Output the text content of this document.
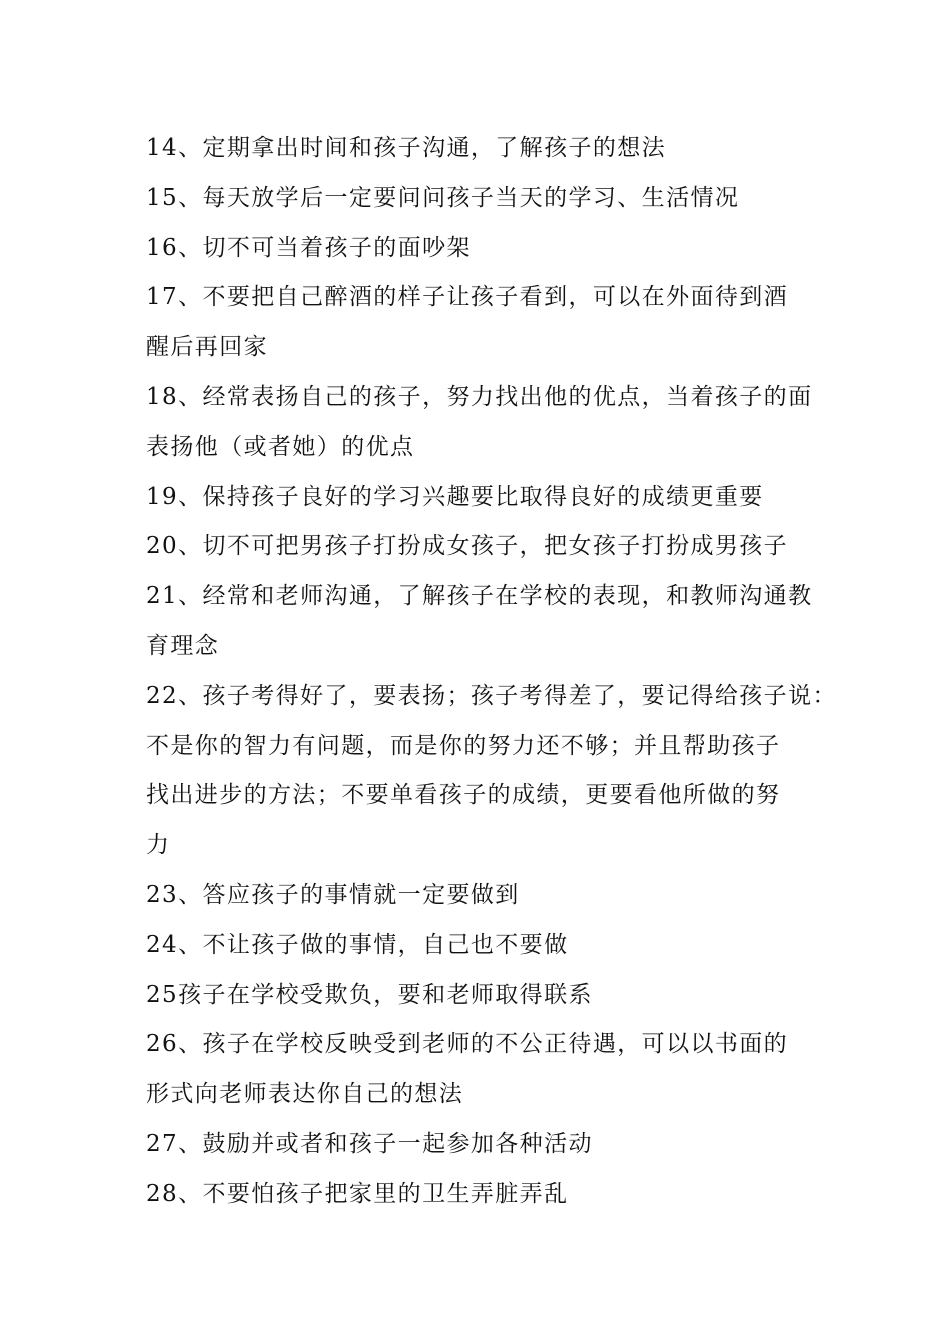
14、定期拿出时间和孩子沟通，了解孩子的想法
15、每天放学后一定要问问孩子当天的学习、生活情况
16、切不可当着孩子的面吵架
17、不要把自己醉酒的样子让孩子看到，可以在外面待到酒
醒后再回家
18、经常表扬自己的孩子，努力找出他的优点，当着孩子的面
表扬他（或者她）的优点
19、保持孩子良好的学习兴趣要比取得良好的成绩更重要
20、切不可把男孩子打扮成女孩子，把女孩子打扮成男孩子
21、经常和老师沟通，了解孩子在学校的表现，和教师沟通教
育理念
22、孩子考得好了，要表扬；孩子考得差了，要记得给孩子说：
不是你的智力有问题，而是你的努力还不够；并且帮助孩子
找出进步的方法；不要单看孩子的成绩，更要看他所做的努
力
23、答应孩子的事情就一定要做到
24、不让孩子做的事情，自己也不要做
25孩子在学校受欺负，要和老师取得联系
26、孩子在学校反映受到老师的不公正待遇，可以以书面的
形式向老师表达你自己的想法
27、鼓励并或者和孩子一起参加各种活动
28、不要怕孩子把家里的卫生弄脏弄乱
